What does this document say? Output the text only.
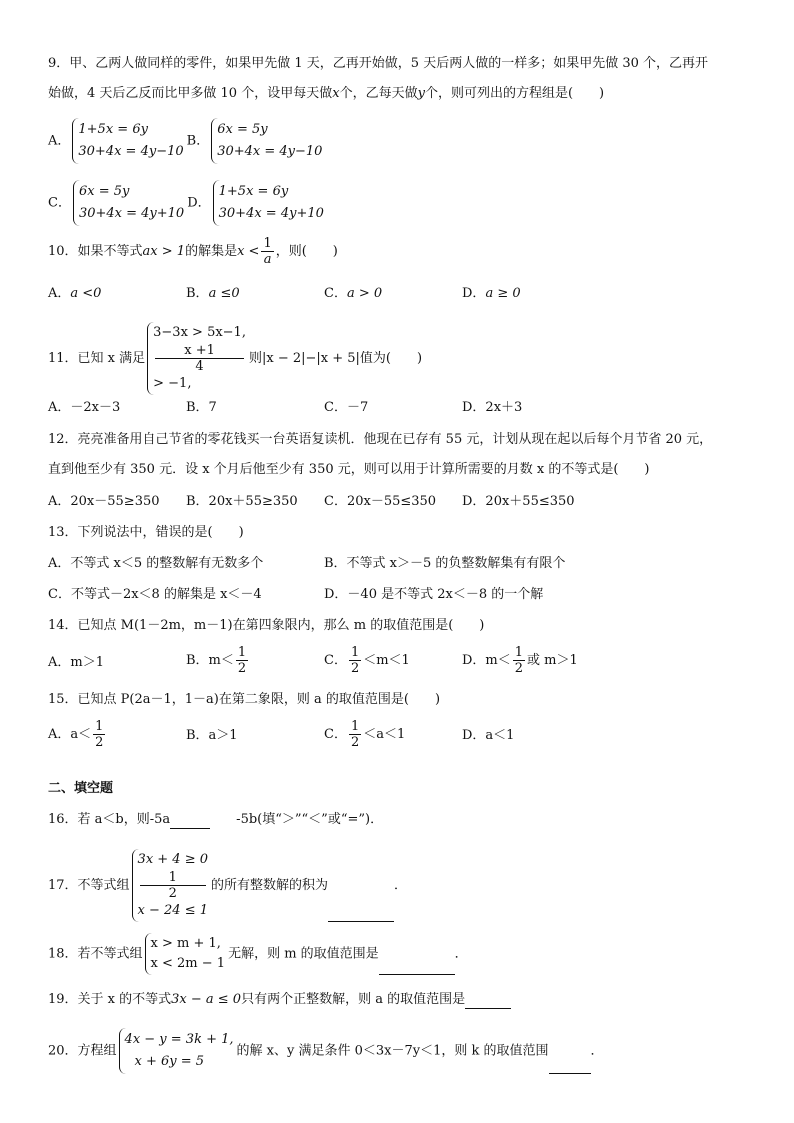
9．甲、乙两人做同样的零件，如果甲先做 1 天，乙再开始做，5 天后两人做的一样多；如果甲先做 30 个，乙再开
始做，4 天后乙反而比甲多做 10 个，设甲每天做x个，乙每天做y个，则可列出的方程组是(　　)
A．
1+5x = 6y
30+4x = 4y−10
B．
6x = 5y
30+4x = 4y−10
C．
6x = 5y
30+4x = 4y+10
D．
1+5x = 6y
30+4x = 4y+10
10．如果不等式ax > 1的解集是$x < \frac{1}{a}$ ，则(　　)
A．a <0	B．a ≤0	C．a > 0	D．a ≥ 0
11．已知 x 满足
3−3x > 5x−1,
x +1
4
> −1,
则|x − 2|−|x + 5|值为(　　)
A．－2x－3	B．7	C．－7	D．2x＋3
12．亮亮准备用自己节省的零花钱买一台英语复读机．他现在已存有 55 元，计划从现在起以后每个月节省 20 元，
直到他至少有 350 元．设 x 个月后他至少有 350 元，则可以用于计算所需要的月数 x 的不等式是(　　)
A．20x－55≥350 B．20x＋55≥350 C．20x－55≤350 D．20x＋55≤350
13．下列说法中，错误的是(　　)
A．不等式 x＜5 的整数解有无数多个	B．不等式 x＞－5 的负整数解集有有限个
C．不等式－2x＜8 的解集是 x＜－4	D．－40 是不等式 2x＜－8 的一个解
14．已知点 M(1－2m，m－1)在第四象限内，那么 m 的取值范围是(　　)
A．m＞1	B．$m< \frac{1}{2}$	C． $\frac{1}{2} <m<1$	D．$m< \frac{1}{2}$ 或 m＞1
15．已知点 P(2a－1，1－a)在第二象限，则 a 的取值范围是(　　)
A．$a< \frac{1}{2}$	B．a＞1	C． $\frac{1}{2} <a<1$	D．a＜1
二、填空题
16．若 a＜b，则-5a	-5b(填“＞”“＜”或“=”)．
17．不等式组
3x + 4 ≥ 0
1
2
x − 24 ≤ 1
的所有整数解的积为	．
18．若不等式组
x > m + 1,
x < 2m − 1
无解，则 m 的取值范围是	．
19．关于 x 的不等式3x − a ≤ 0只有两个正整数解，则 a 的取值范围是
20．方程组
4x − y = 3k + 1,
x + 6y = 5
的解 x、y 满足条件 0＜3x－7y＜1，则 k 的取值范围	．
